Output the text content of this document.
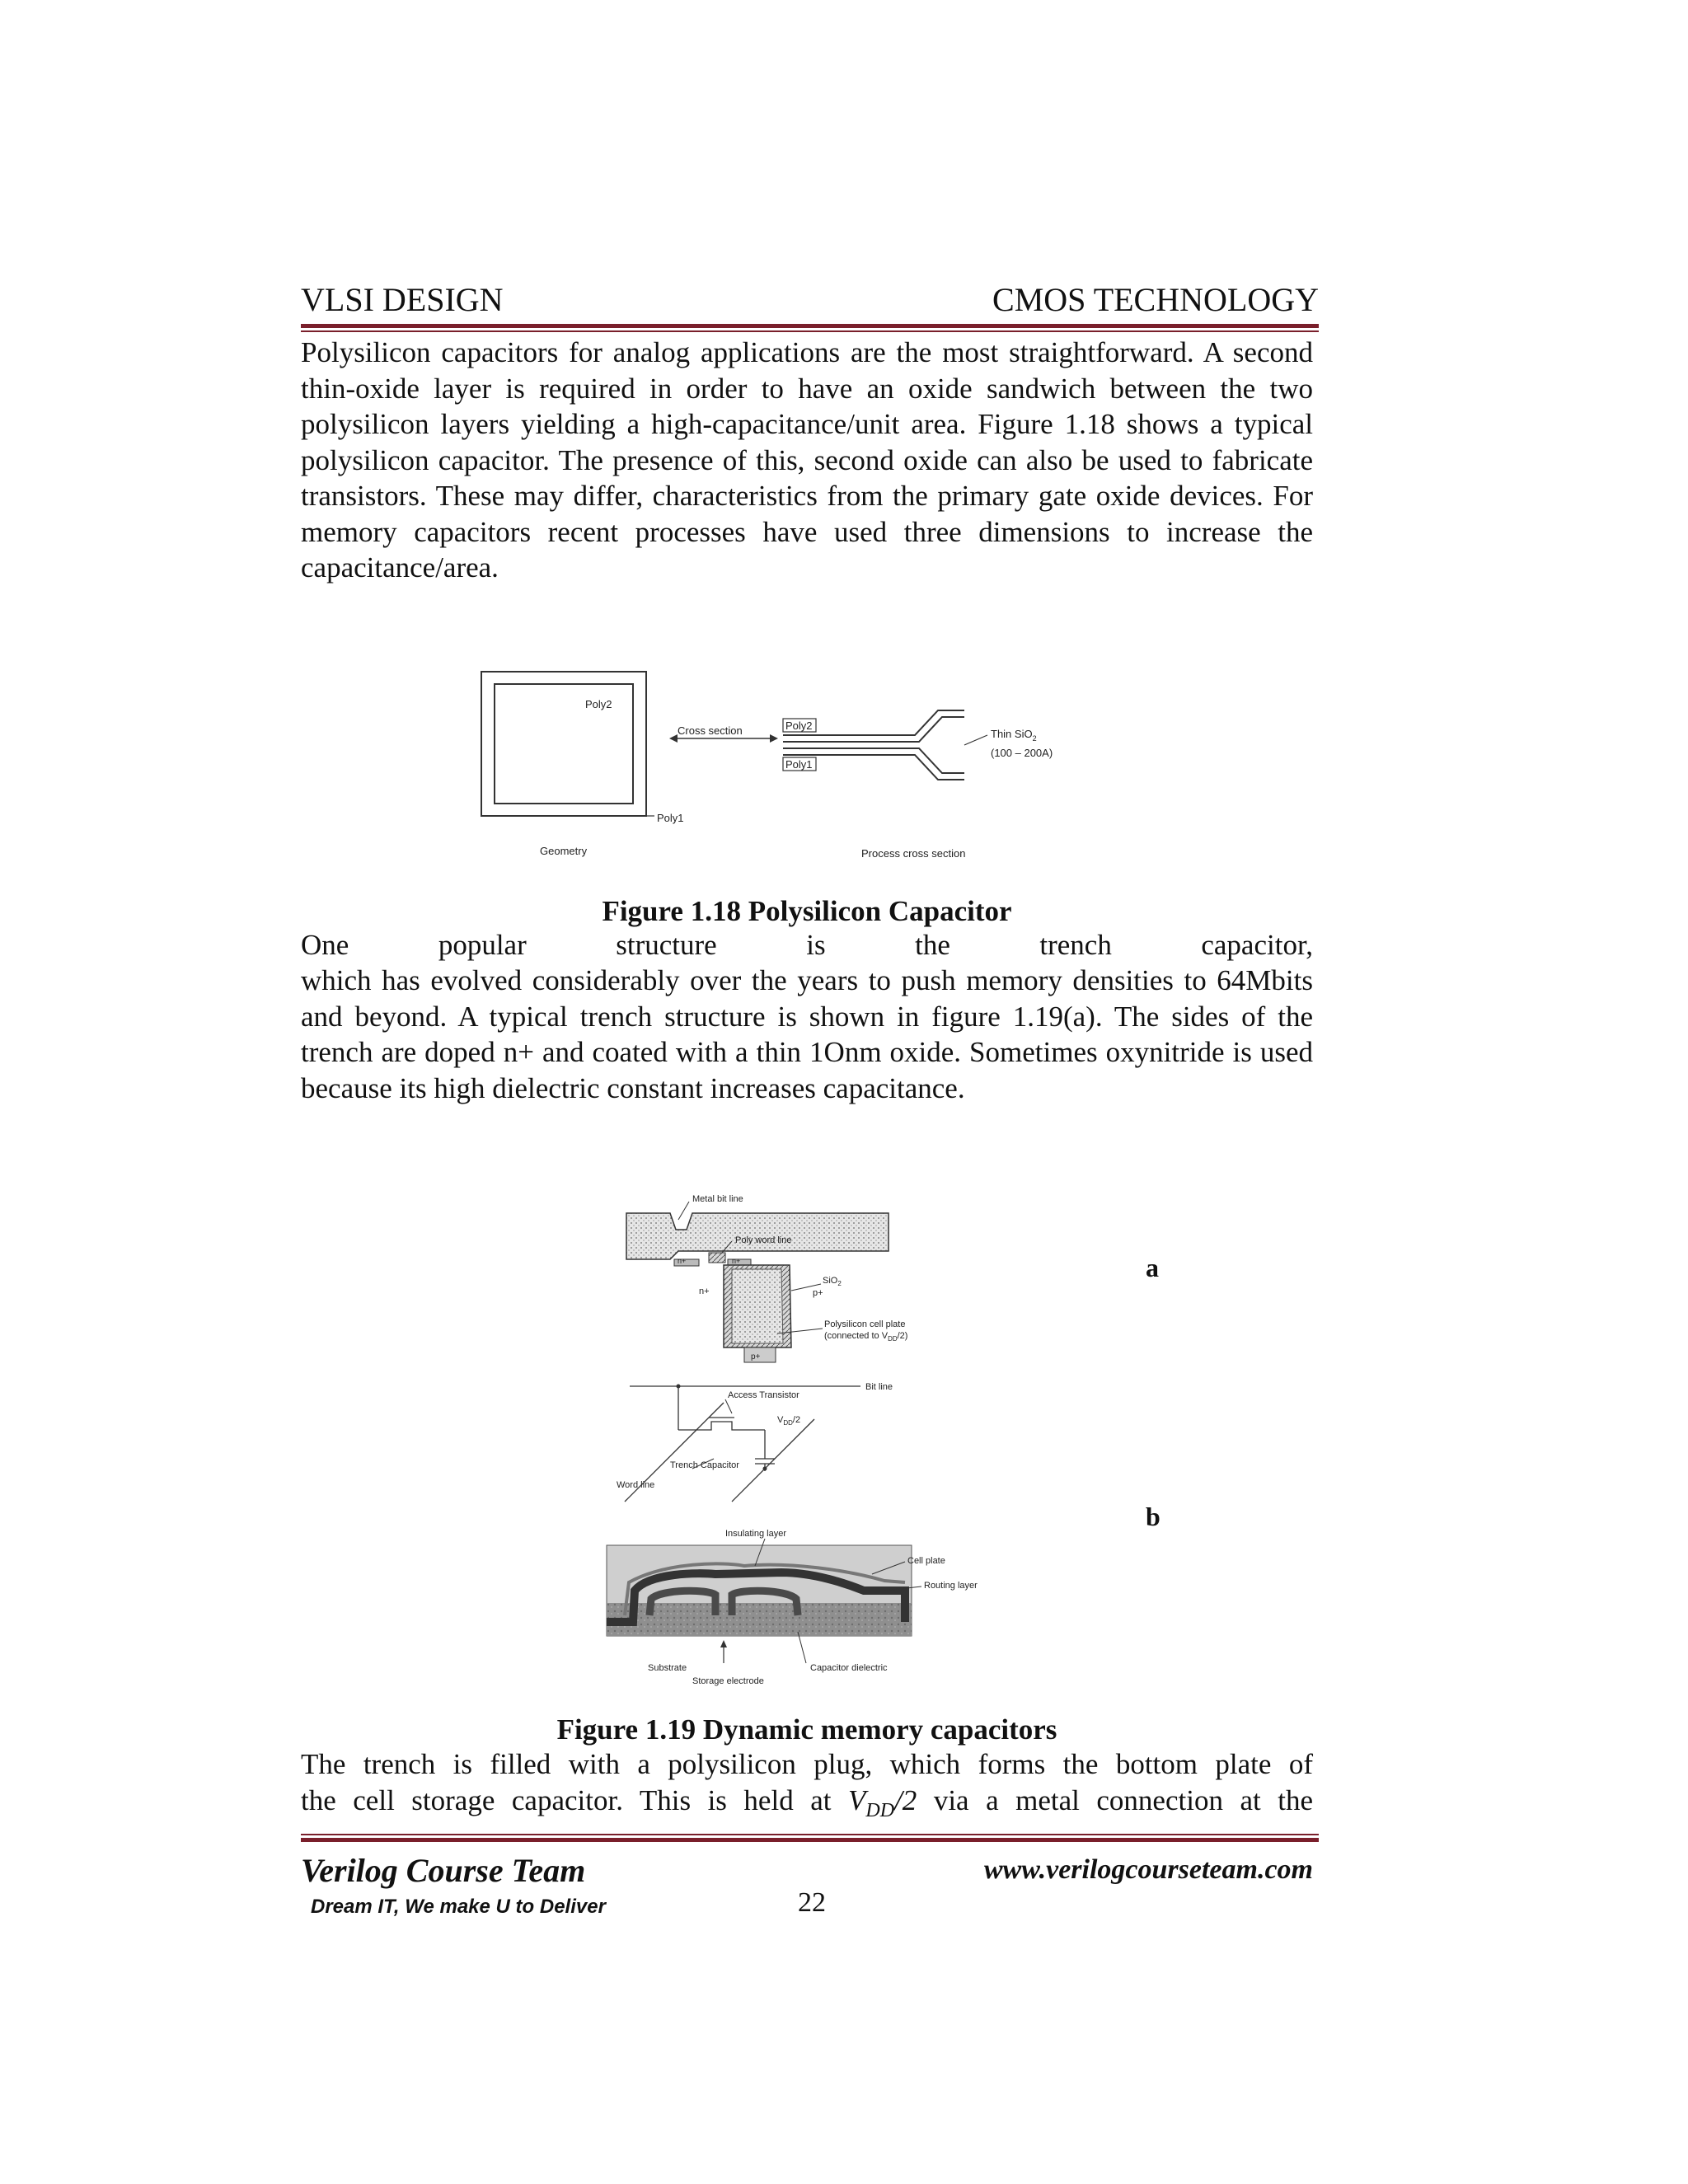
VLSI DESIGN	CMOS TECHNOLOGY

Polysilicon capacitors for analog applications are the most straightforward. A second thin-oxide layer is required in order to have an oxide sandwich between the two polysilicon layers yielding a high-capacitance/unit area. Figure 1.18 shows a typical polysilicon capacitor. The presence of this, second oxide can also be used to fabricate transistors. These may differ, characteristics from the primary gate oxide devices. For memory capacitors recent processes have used three dimensions to increase the capacitance/area.

Poly2
Poly1
Geometry
Cross section	Poly2
Poly1
Thin SiO$_2$
(100 – 200A)
Process cross section
Figure 1.18 Polysilicon Capacitor
One	popular	structure	is	the	trench	capacitor,

which has evolved considerably over the years to push memory densities to 64Mbits and beyond. A typical trench structure is shown in figure 1.19(a). The sides of the trench are doped n+ and coated with a thin 1Onm oxide. Sometimes oxynitride is used because its high dielectric constant increases capacitance.

p+
Metal bit line
Poly word line
n+	n+
n+
SiO$_2$
p+
Polysilicon cell plate
(connected to $V_{DD}/2$)
Bit line
Access Transistor
$V_{DD}/2$
Trench Capacitor
Word line
Insulating layer
Cell plate
Routing layer
Substrate
Storage electrode
Capacitor dielectric
a
b
Figure 1.19 Dynamic memory capacitors
The trench is filled with a polysilicon plug, which forms the bottom plate of
the cell storage capacitor. This is held at $V_{DD}/2$ via a metal connection at the
Verilog Course Team	www.verilogcourseteam.com
Dream IT, We make U to Deliver	22
